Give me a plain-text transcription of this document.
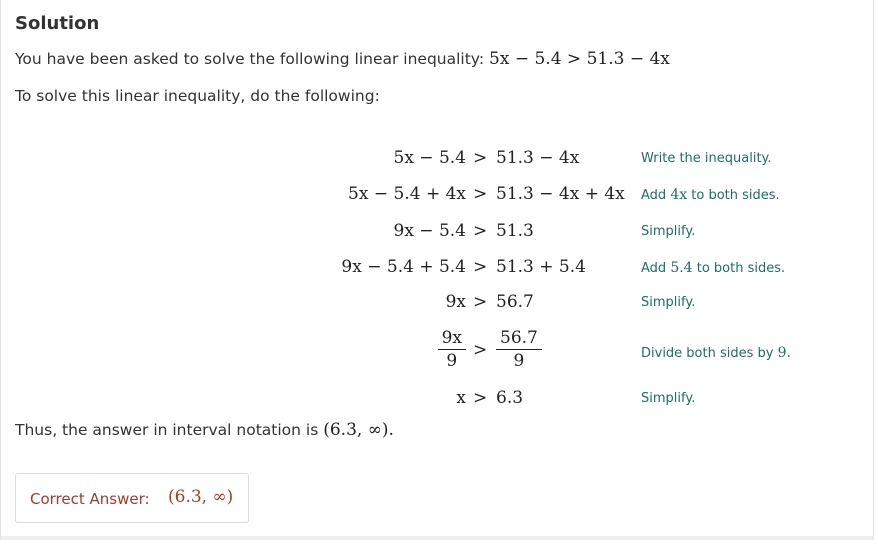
Solution
You have been asked to solve the following linear inequality: 5x − 5.4 > 51.3 − 4x
To solve this linear inequality, do the following:
5x − 5.4 > 51.3 − 4x	Write the inequality.
5x − 5.4 + 4x > 51.3 − 4x + 4x Add 4x to both sides.
9x − 5.4 > 51.3	Simplify.
9x − 5.4 + 5.4 > 51.3 + 5.4	Add 5.4 to both sides.
9x > 56.7	Simplify.
$\frac{9x}{9} > \frac{56.7}{9}$	Divide both sides by 9.
x > 6.3	Simplify.
Thus, the answer in interval notation is (6.3, ∞).
Correct Answer: (6.3, ∞)
